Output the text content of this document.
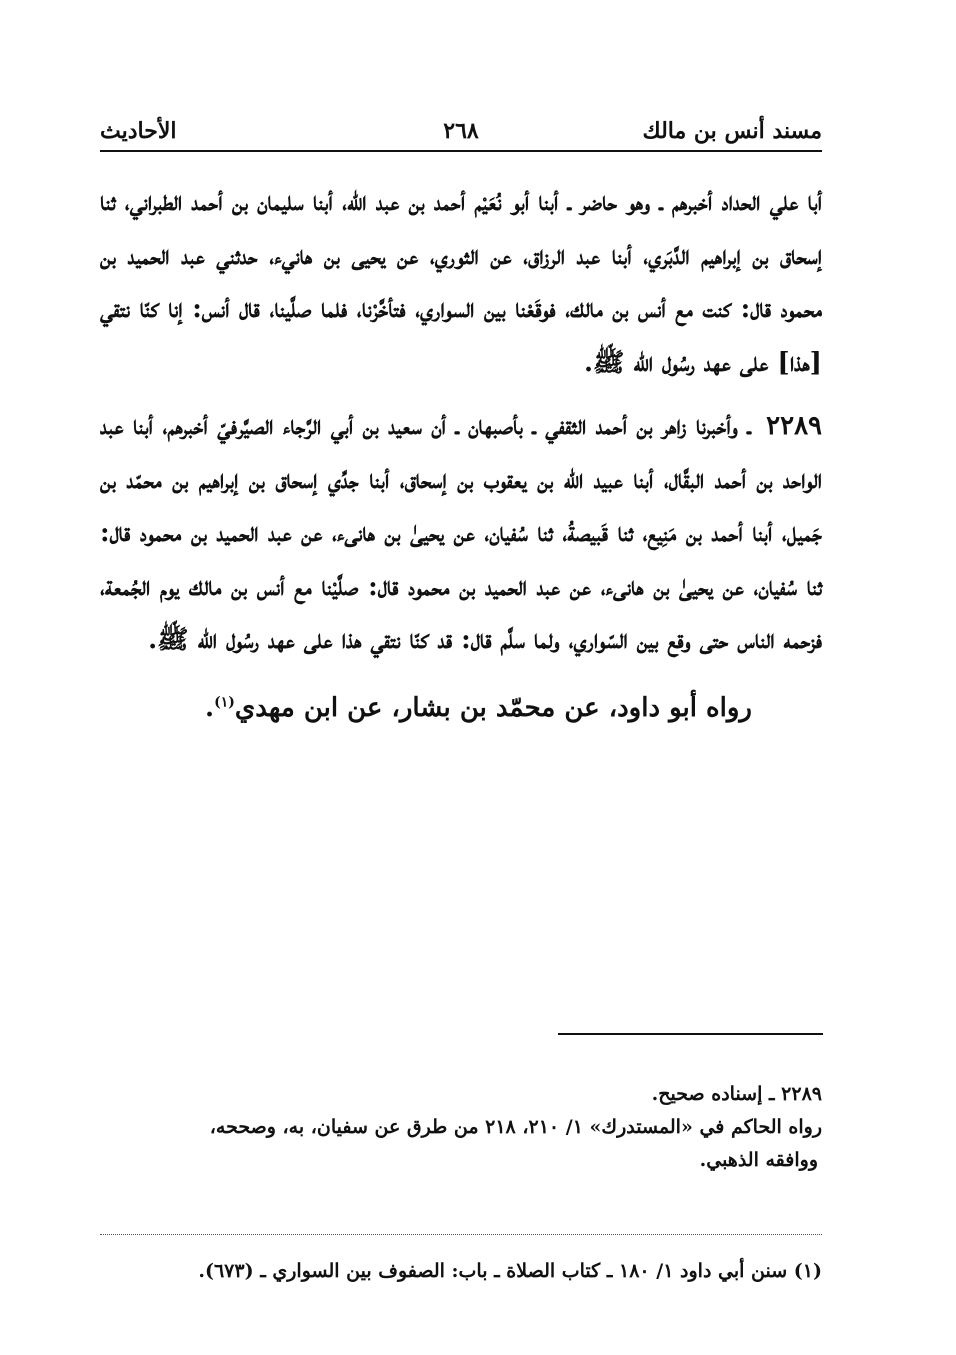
مسند أنس بن مالك
٢٦٨
الأحاديث

أبا علي الحداد أخبرهم ـ وهو حاضر ـ أبنا أبو نُعَيْم أحمد بن عبد الله، أبنا سليمان بن أحمد الطبراني، ثنا إسحاق بن إبراهيم الدَّبَري، أبنا عبد الرزاق، عن الثوري، عن يحيى بن هانيء، حدثني عبد الحميد بن محمود قال: كنت مع أنس بن مالك، فوقَعْنا بين السواري، فتأخَّرْنا، فلما صلَّينا، قال أنس: إنا كنّا نتقي [هذا] على عهد رسُول الله ﷺ.

٢٢٨٩ ـ وأخبرنا زاهر بن أحمد الثقفي ـ بأصبهان ـ أن سعيد بن أبي الرَّجاء الصيَّرفيّ أخبرهم، أبنا عبد الواحد بن أحمد البقَّال، أبنا عبيد الله بن يعقوب بن إسحاق، أبنا جدِّي إسحاق بن إبراهيم بن محمّد بن جَميل، أبنا أحمد بن مَنِيع، ثنا قَبيصةُ، ثنا سُفيان، عن يحيىٰ بن هانىء، عن عبد الحميد بن محمود قال: ثنا سُفيان، عن يحيىٰ بن هانىء، عن عبد الحميد بن محمود قال: صلَّيْنا مع أنس بن مالك يوم الجُمعة، فزحمه الناس حتى وقع بين السّواري، ولما سلَّم قال: قد كنّا نتقي هذا على عهد رسُول الله ﷺ.

رواه أبو داود، عن محمّد بن بشار، عن ابن مهدي$^{(١)}$.

٢٢٨٩ ـ إسناده صحيح.

رواه الحاكم في «المستدرك» ١/ ٢١٠، ٢١٨ من طرق عن سفيان، به، وصححه،

ووافقه الذهبي.

(١) سنن أبي داود ١/ ١٨٠ ـ كتاب الصلاة ـ باب: الصفوف بين السواري ـ (٦٧٣).
